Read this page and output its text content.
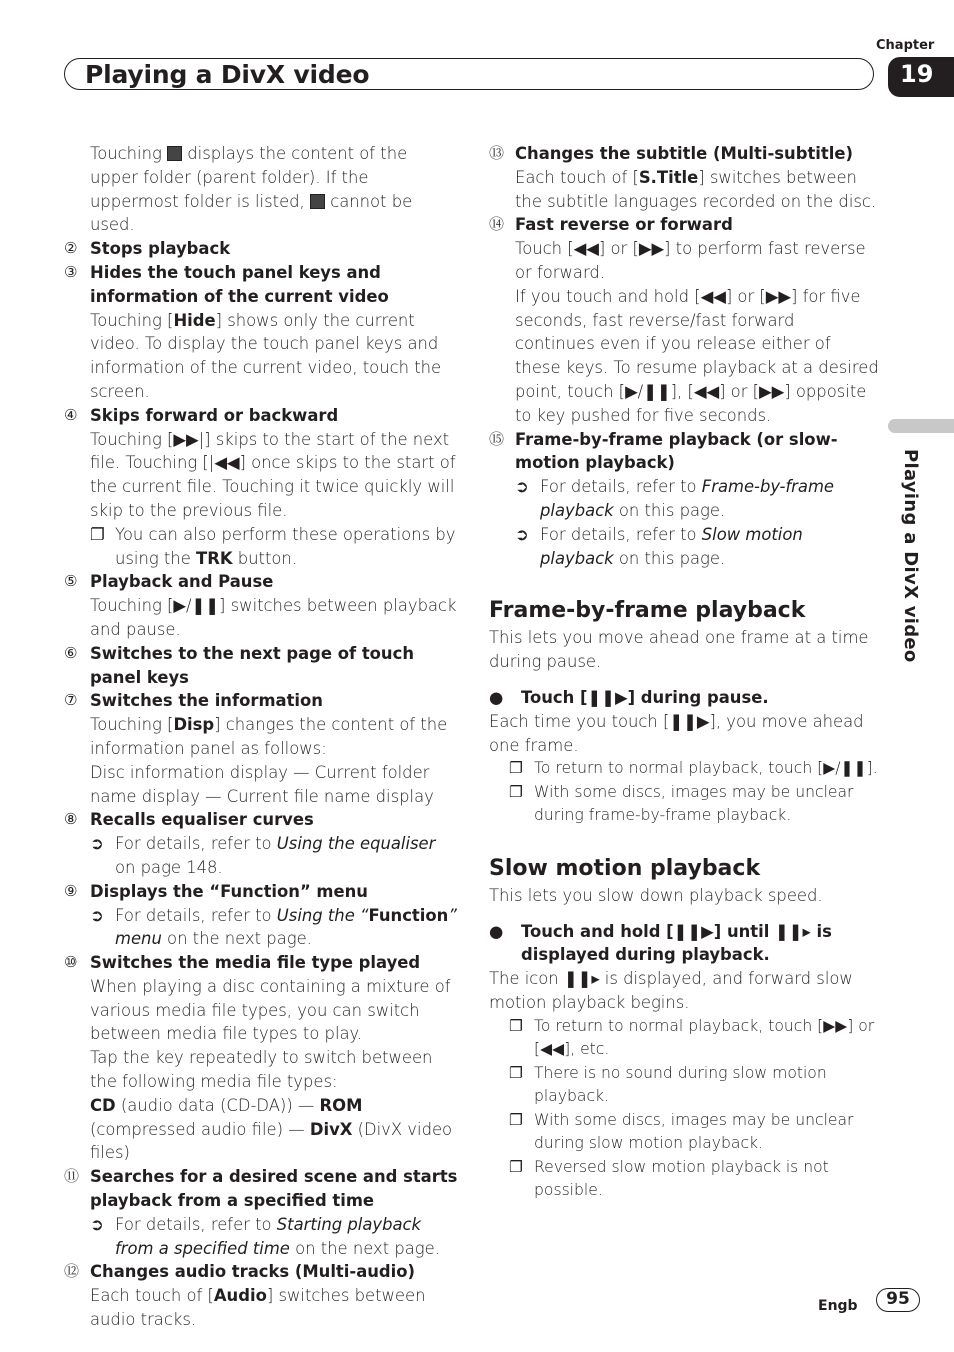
Chapter
Playing a DivX video	19
Playing a DivX video
Touching  displays the content of the upper folder (parent folder). If the uppermost folder is listed,  cannot be used.
② Stops playback
③ Hides the touch panel keys and information of the current video
Touching [Hide] shows only the current video. To display the touch panel keys and information of the current video, touch the screen.
④ Skips forward or backward
Touching [▶▶|] skips to the start of the next file. Touching [|◀◀] once skips to the start of the current file. Touching it twice quickly will skip to the previous file.
❐ You can also perform these operations by using the TRK button.
⑤ Playback and Pause
Touching [▶/❚❚] switches between playback and pause.
⑥ Switches to the next page of touch panel keys
⑦ Switches the information
Touching [Disp] changes the content of the information panel as follows:
Disc information display — Current folder name display — Current file name display
⑧ Recalls equaliser curves
➲ For details, refer to Using the equaliser on page 148.
⑨ Displays the “Function” menu
➲ For details, refer to Using the “Function” menu on the next page.
⑩ Switches the media file type played
When playing a disc containing a mixture of various media file types, you can switch between media file types to play.
Tap the key repeatedly to switch between the following media file types:
CD (audio data (CD-DA)) — ROM (compressed audio file) — DivX (DivX video files)
⑪ Searches for a desired scene and starts playback from a specified time
➲ For details, refer to Starting playback from a specified time on the next page.
⑫ Changes audio tracks (Multi-audio)
Each touch of [Audio] switches between audio tracks.
⑬ Changes the subtitle (Multi-subtitle)
Each touch of [S.Title] switches between the subtitle languages recorded on the disc.
⑭ Fast reverse or forward
Touch [◀◀] or [▶▶] to perform fast reverse or forward.
If you touch and hold [◀◀] or [▶▶] for five seconds, fast reverse/fast forward continues even if you release either of these keys. To resume playback at a desired point, touch [▶/❚❚], [◀◀] or [▶▶] opposite to key pushed for five seconds.
⑮ Frame-by-frame playback (or slow-motion playback)
➲ For details, refer to Frame-by-frame playback on this page.
➲ For details, refer to Slow motion playback on this page.
Frame-by-frame playback
This lets you move ahead one frame at a time during pause.
●	Touch [❚❚▶] during pause.
Each time you touch [❚❚▶], you move ahead one frame.
❐ To return to normal playback, touch [▶/❚❚].
❐ With some discs, images may be unclear during frame-by-frame playback.
Slow motion playback
This lets you slow down playback speed.
●	Touch and hold [❚❚▶] until ❚❚▸ is displayed during playback.
The icon ❚❚▸ is displayed, and forward slow motion playback begins.
❐ To return to normal playback, touch [▶▶] or [◀◀], etc.
❐ There is no sound during slow motion playback.
❐ With some discs, images may be unclear during slow motion playback.
❐ Reversed slow motion playback is not possible.
Engb	95
